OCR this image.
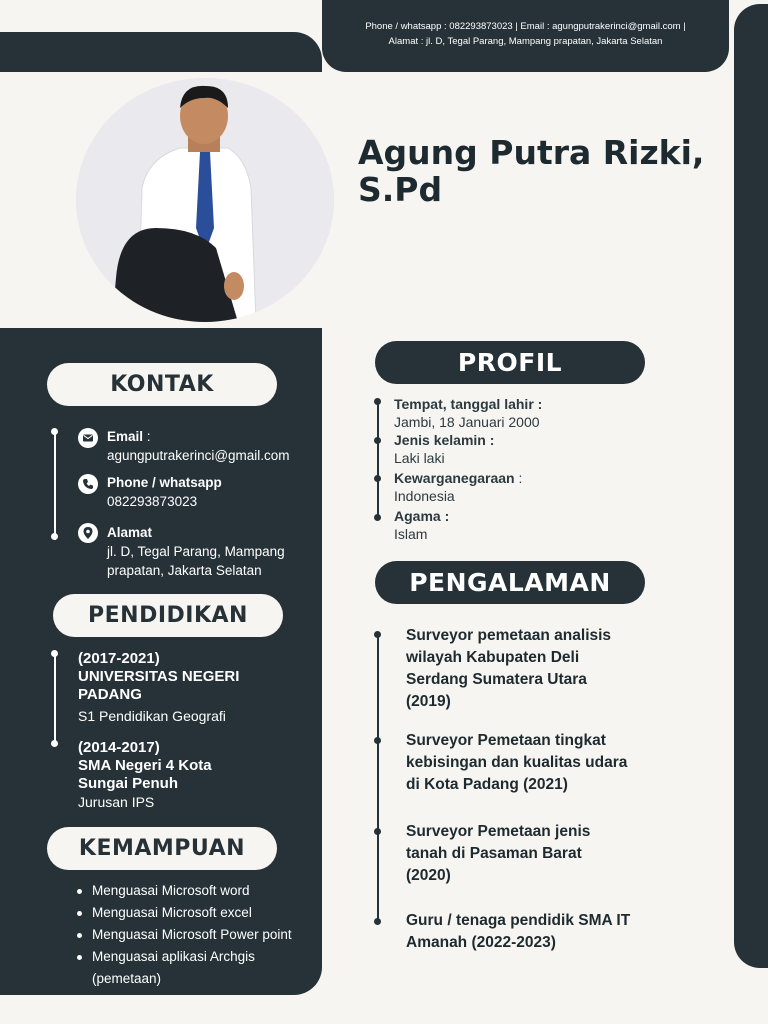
Phone / whatsapp : 082293873023 | Email : agungputrakerinci@gmail.com |
Alamat : jl. D, Tegal Parang, Mampang prapatan, Jakarta Selatan
Agung Putra Rizki,
S.Pd
KONTAK
Email :
agungputrakerinci@gmail.com
Phone / whatsapp
082293873023
Alamat
jl. D, Tegal Parang, Mampang
prapatan, Jakarta Selatan
PENDIDIKAN
(2017-2021)
UNIVERSITAS NEGERI
PADANG
S1 Pendidikan Geografi
(2014-2017)
SMA Negeri 4 Kota
Sungai Penuh
Jurusan IPS
KEMAMPUAN
Menguasai Microsoft word
Menguasai Microsoft excel
Menguasai Microsoft Power point
Menguasai aplikasi Archgis
(pemetaan)
PROFIL
Tempat, tanggal lahir :
Jambi, 18 Januari 2000
Jenis kelamin :
Laki laki
Kewarganegaraan :
Indonesia
Agama :
Islam
PENGALAMAN
Surveyor pemetaan analisis
wilayah Kabupaten Deli
Serdang Sumatera Utara
(2019)
Surveyor Pemetaan tingkat
kebisingan dan kualitas udara
di Kota Padang (2021)
Surveyor Pemetaan jenis
tanah di Pasaman Barat
(2020)
Guru / tenaga pendidik SMA IT
Amanah (2022-2023)
